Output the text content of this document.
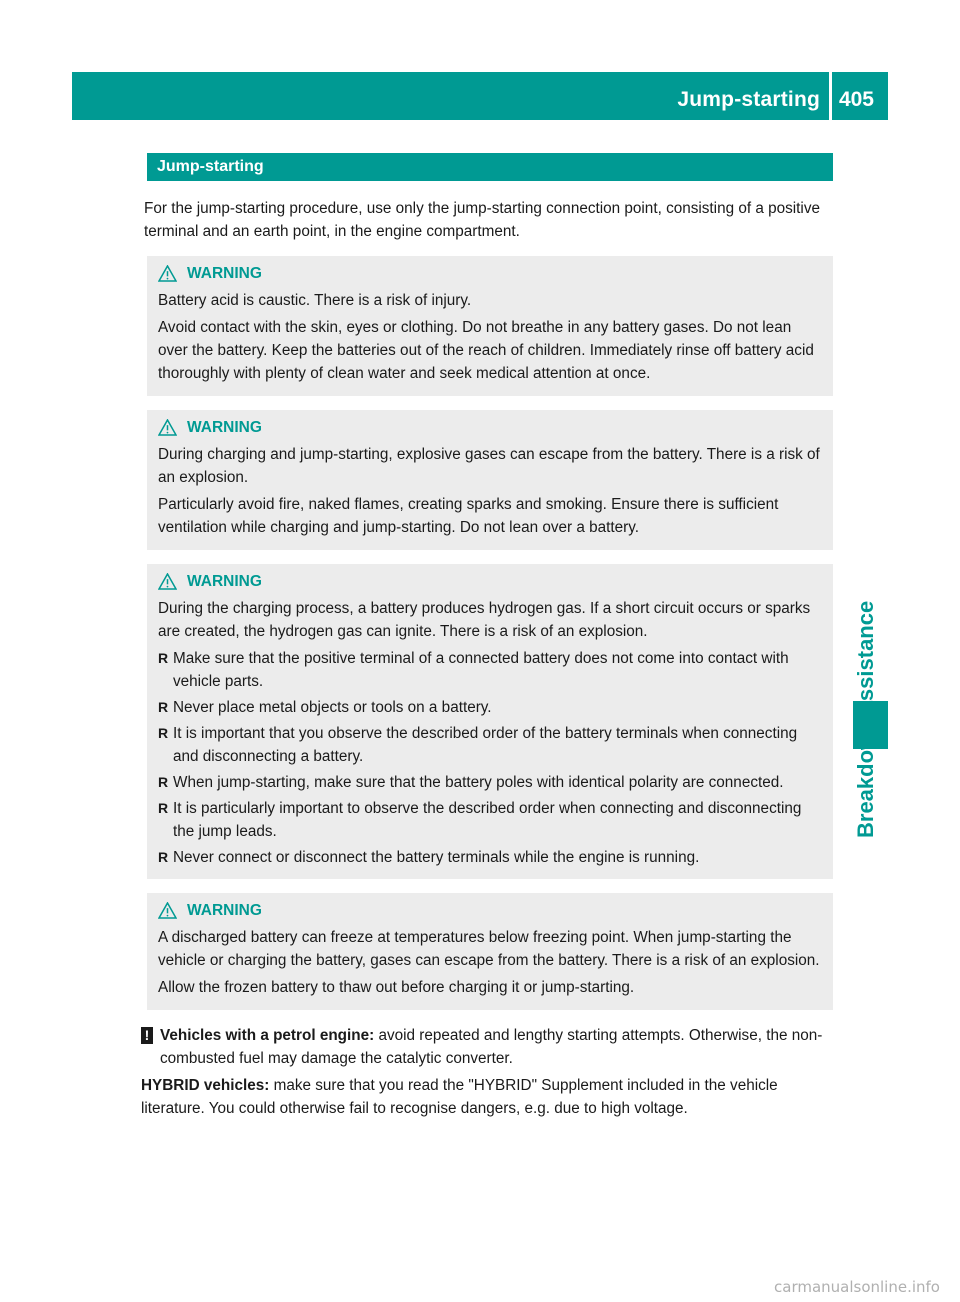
Jump-starting 405
Jump-starting

For the jump-starting procedure, use only the jump-starting connection point, consisting of a positive terminal and an earth point, in the engine compartment.

WARNING

Battery acid is caustic. There is a risk of injury.

Avoid contact with the skin, eyes or clothing. Do not breathe in any battery gases. Do not lean over the battery. Keep the batteries out of the reach of children. Immediately rinse off battery acid thoroughly with plenty of clean water and seek medical attention at once.

WARNING

During charging and jump-starting, explosive gases can escape from the battery. There is a risk of an explosion.

Particularly avoid fire, naked flames, creating sparks and smoking. Ensure there is sufficient ventilation while charging and jump-starting. Do not lean over a battery.

WARNING

During the charging process, a battery produces hydrogen gas. If a short circuit occurs or sparks are created, the hydrogen gas can ignite. There is a risk of an explosion.

R Make sure that the positive terminal of a connected battery does not come into contact with vehicle parts.
R Never place metal objects or tools on a battery.
R It is important that you observe the described order of the battery terminals when connecting and disconnecting a battery.
R When jump-starting, make sure that the battery poles with identical polarity are connected.
R It is particularly important to observe the described order when connecting and disconnecting the jump leads.
R Never connect or disconnect the battery terminals while the engine is running.
WARNING

A discharged battery can freeze at temperatures below freezing point. When jump-starting the vehicle or charging the battery, gases can escape from the battery. There is a risk of an explosion.

Allow the frozen battery to thaw out before charging it or jump-starting.

! Vehicles with a petrol engine: avoid repeated and lengthy starting attempts. Otherwise, the non-combusted fuel may damage the catalytic converter.

HYBRID vehicles: make sure that you read the "HYBRID" Supplement included in the vehicle literature. You could otherwise fail to recognise dangers, e.g. due to high voltage.

carmanualsonline.info
